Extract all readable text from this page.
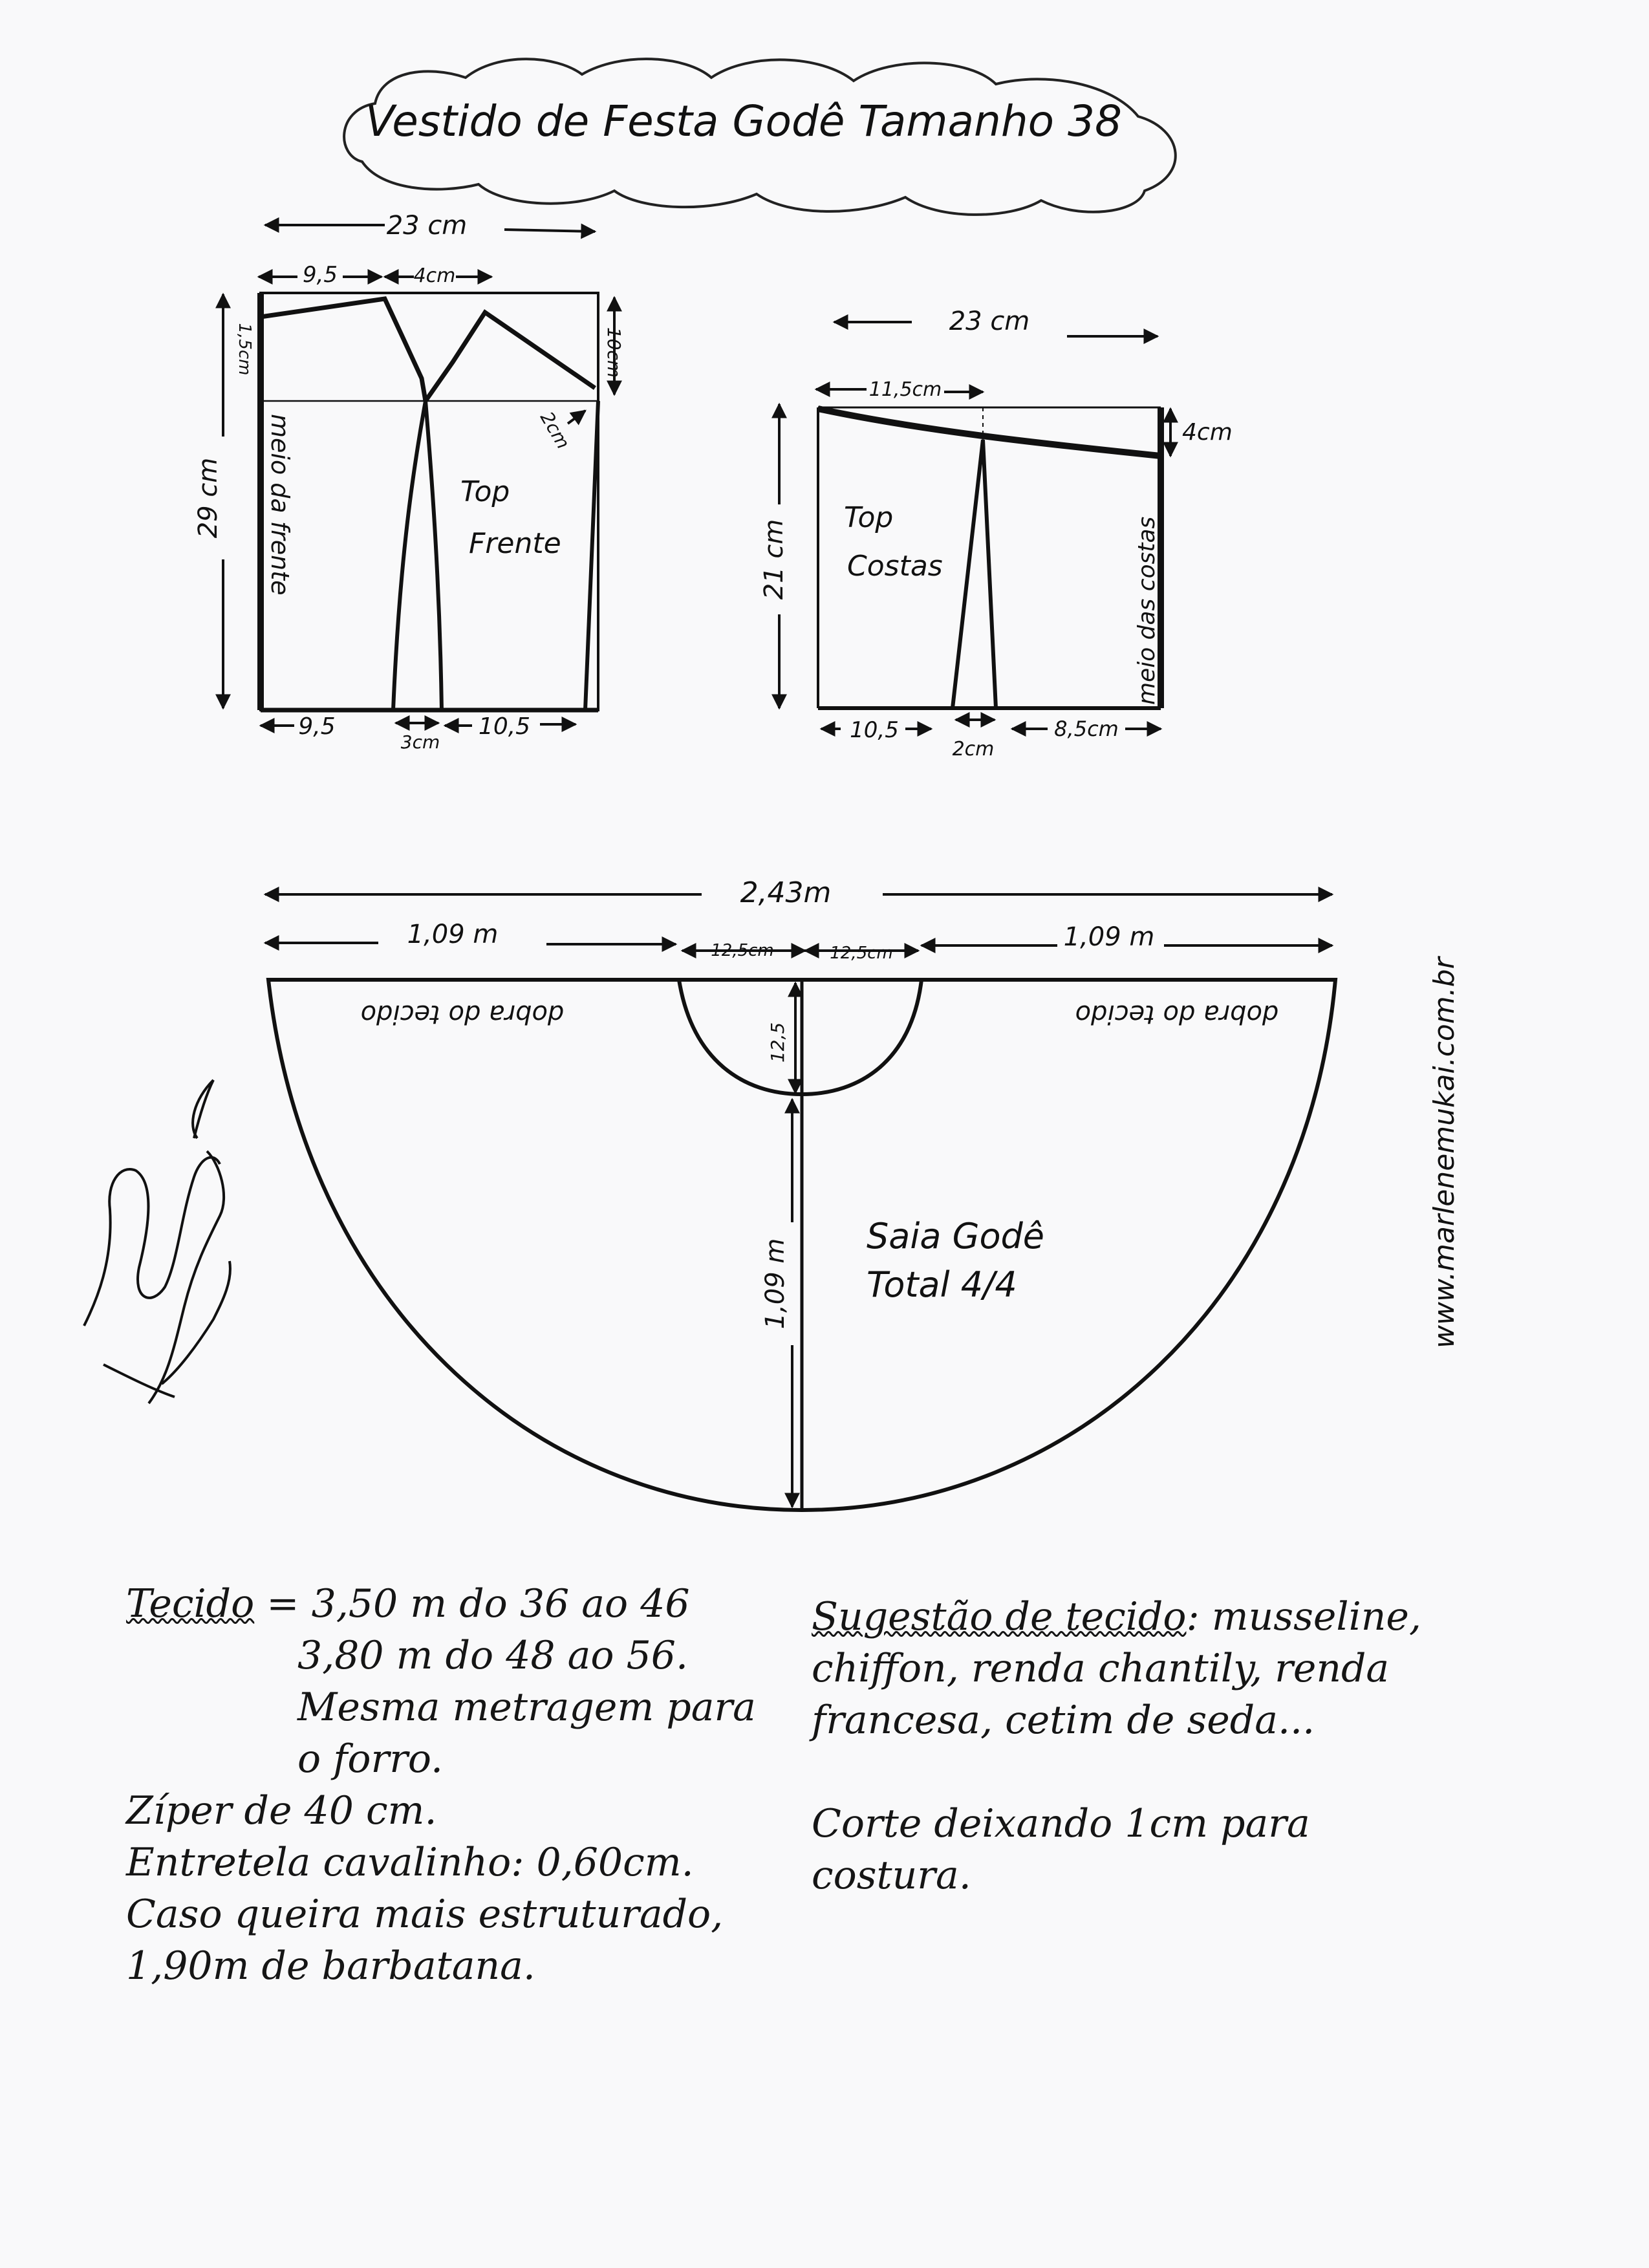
Vestido de Festa Godê Tamanho 38
23 cm
9,5	4cm
29 cm
1,5cm	10cm
2cm
meio da frente	Top
Frente
9,5
3cm
10,5
23 cm
11,5cm
4cm
21 cm
Top
Costas	meio das costas
10,5
2cm
8,5cm
2,43m
1,09 m
12,5cm	12,5cm
1,09 m
dobra do tecido	dobra do tecido
12,5
1,09 m
Saia Godê
Total 4/4	www.marlenemukai.com.br
Tecido = 3,50 m do 36 ao 46
3,80 m do 48 ao 56.
Mesma metragem para
o forro.
Zíper de 40 cm.
Entretela cavalinho: 0,60cm.
Caso queira mais estruturado,
1,90m de barbatana.
Sugestão de tecido: musseline,
chiffon, renda chantily, renda
francesa, cetim de seda...
Corte deixando 1cm para
costura.
